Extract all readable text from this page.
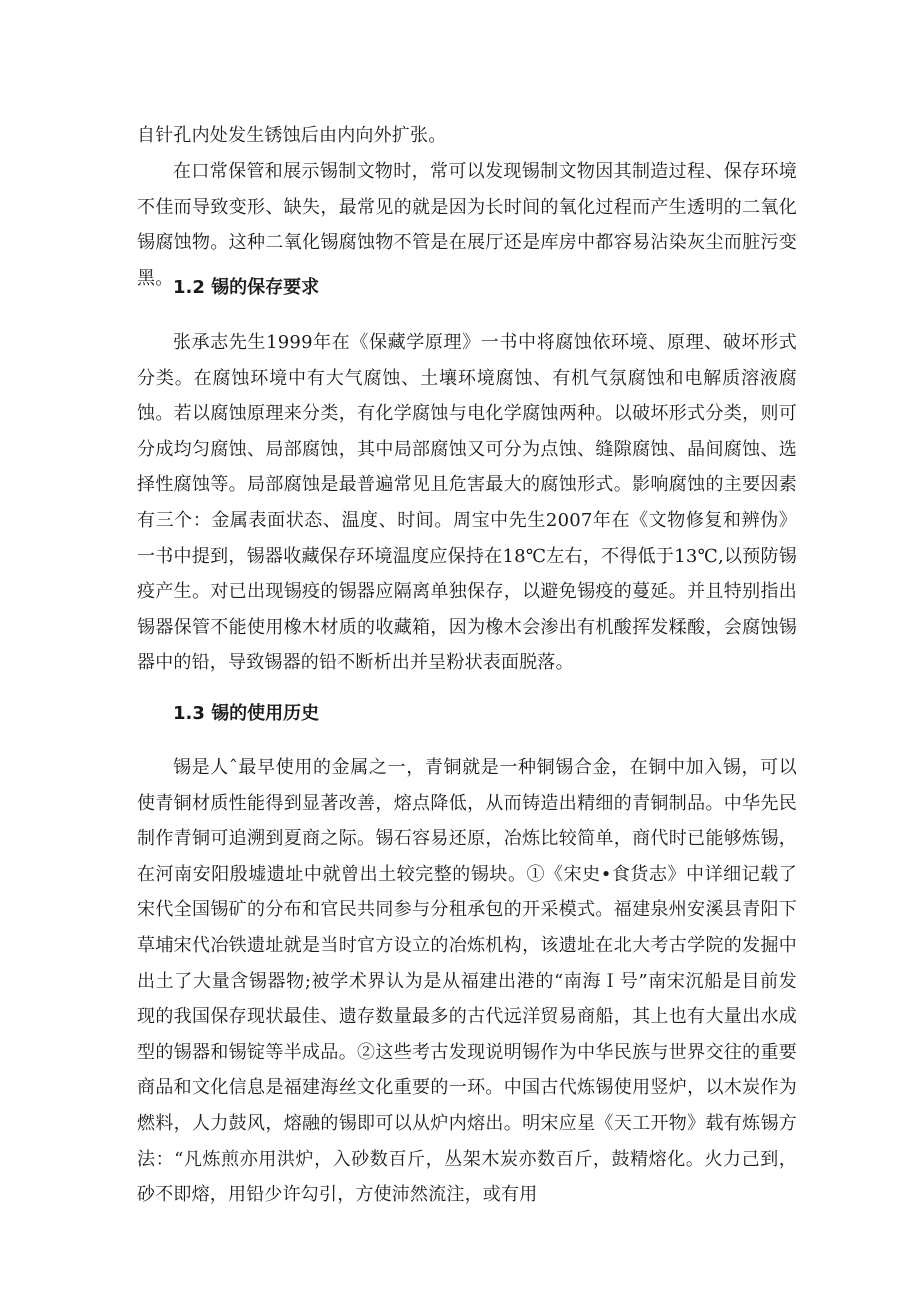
自针孔内处发生锈蚀后由内向外扩张。

在口常保管和展示锡制文物时，常可以发现锡制文物因其制造过程、保存环境不佳而导致变形、缺失，最常见的就是因为长时间的氧化过程而产生透明的二氧化锡腐蚀物。这种二氧化锡腐蚀物不管是在展厅还是库房中都容易沾染灰尘而脏污变黑。 1.2 锡的保存要求

张承志先生1999年在《保藏学原理》一书中将腐蚀依环境、原理、破坏形式分类。在腐蚀环境中有大气腐蚀、土壤环境腐蚀、有机气氛腐蚀和电解质溶液腐蚀。若以腐蚀原理来分类，有化学腐蚀与电化学腐蚀两种。以破坏形式分类，则可分成均匀腐蚀、局部腐蚀，其中局部腐蚀又可分为点蚀、缝隙腐蚀、晶间腐蚀、选择性腐蚀等。局部腐蚀是最普遍常见且危害最大的腐蚀形式。影响腐蚀的主要因素有三个：金属表面状态、温度、时间。周宝中先生2007年在《文物修复和辨伪》一书中提到，锡器收藏保存环境温度应保持在18℃左右，不得低于13℃,以预防锡疫产生。对已出现锡疫的锡器应隔离单独保存，以避免锡疫的蔓延。并且特别指出锡器保管不能使用橡木材质的收藏箱，因为橡木会渗出有机酸挥发糅酸，会腐蚀锡器中的铅，导致锡器的铅不断析出并呈粉状表面脱落。

1.3 锡的使用历史

锡是人ˆ最早使用的金属之一，青铜就是一种铜锡合金，在铜中加入锡，可以使青铜材质性能得到显著改善，熔点降低，从而铸造出精细的青铜制品。中华先民制作青铜可追溯到夏商之际。锡石容易还原，冶炼比较简单，商代时已能够炼锡，在河南安阳殷墟遗址中就曾出土较完整的锡块。①《宋史•食货志》中详细记载了宋代全国锡矿的分布和官民共同参与分租承包的开采模式。福建泉州安溪县青阳下草埔宋代冶铁遗址就是当时官方设立的冶炼机构，该遗址在北大考古学院的发掘中出土了大量含锡器物;被学术界认为是从福建出港的“南海Ｉ号”南宋沉船是目前发现的我国保存现状最佳、遗存数量最多的古代远洋贸易商船，其上也有大量出水成型的锡器和锡锭等半成品。②这些考古发现说明锡作为中华民族与世界交往的重要商品和文化信息是福建海丝文化重要的一环。中国古代炼锡使用竖炉，以木炭作为燃料，人力鼓风，熔融的锡即可以从炉内熔出。明宋应星《天工开物》载有炼锡方法：“凡炼煎亦用洪炉，入砂数百斤，丛架木炭亦数百斤，鼓精熔化。火力己到，砂不即熔，用铅少许勾引，方使沛然流注，或有用
